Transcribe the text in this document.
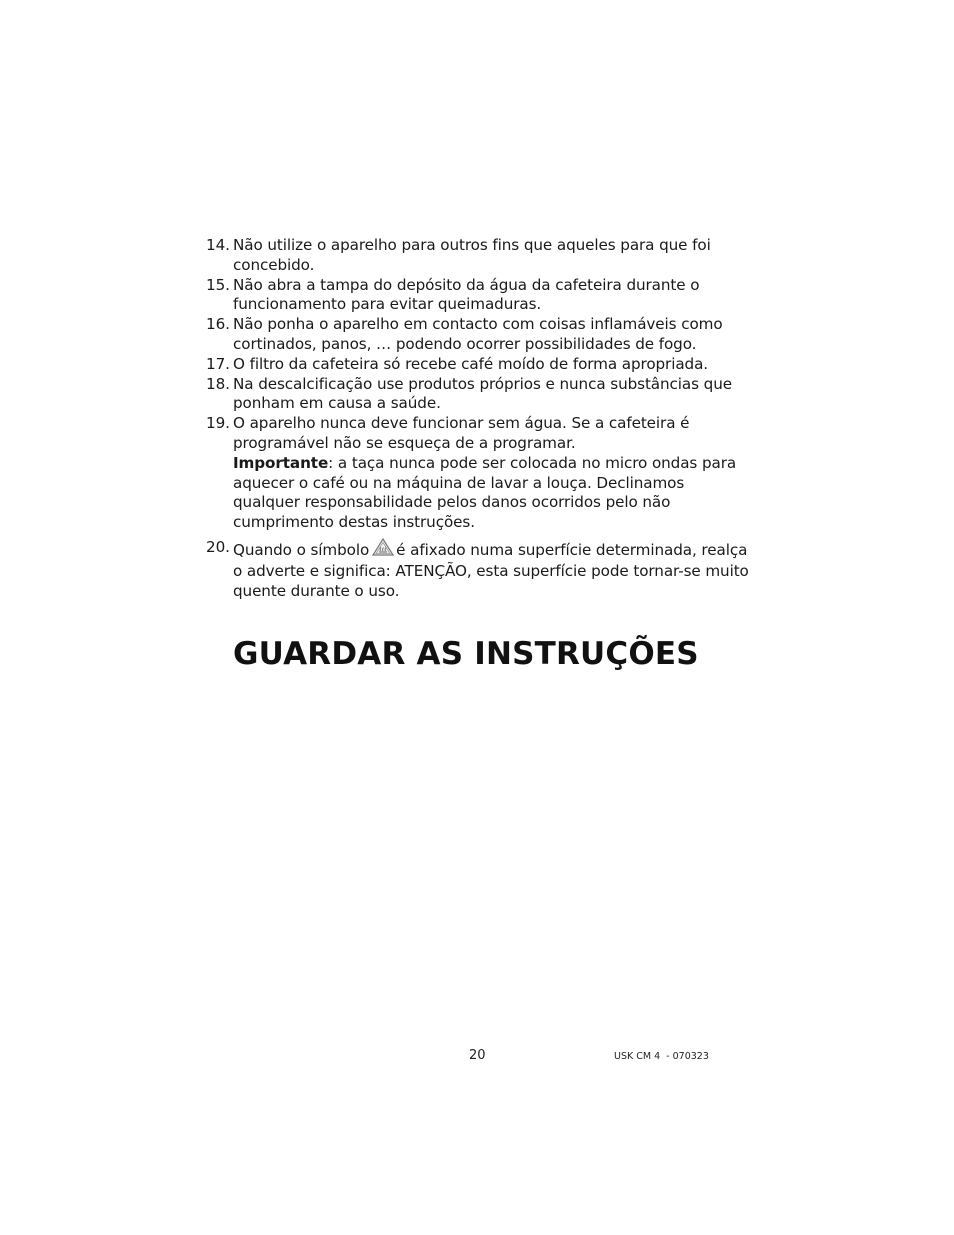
14. Não utilize o aparelho para outros fins que aqueles para que foi concebido.
15. Não abra a tampa do depósito da água da cafeteira durante o funcionamento para evitar queimaduras.
16. Não ponha o aparelho em contacto com coisas inflamáveis como cortinados, panos, … podendo ocorrer possibilidades de fogo.
17. O filtro da cafeteira só recebe café moído de forma apropriada.
18. Na descalcificação use produtos próprios e nunca substâncias que ponham em causa a saúde.
19. O aparelho nunca deve funcionar sem água. Se a cafeteira é programável não se esqueça de a programar.
Importante: a taça nunca pode ser colocada no micro ondas para aquecer o café ou na máquina de lavar a louça. Declinamos qualquer responsabilidade pelos danos ocorridos pelo não cumprimento destas instruções.
20. Quando o símbolo é afixado numa superfície determinada, realça o adverte e significa: ATENÇÃO, esta superfície pode tornar-se muito quente durante o uso.
GUARDAR AS INSTRUÇÕES
20	USK CM 4  - 070323
